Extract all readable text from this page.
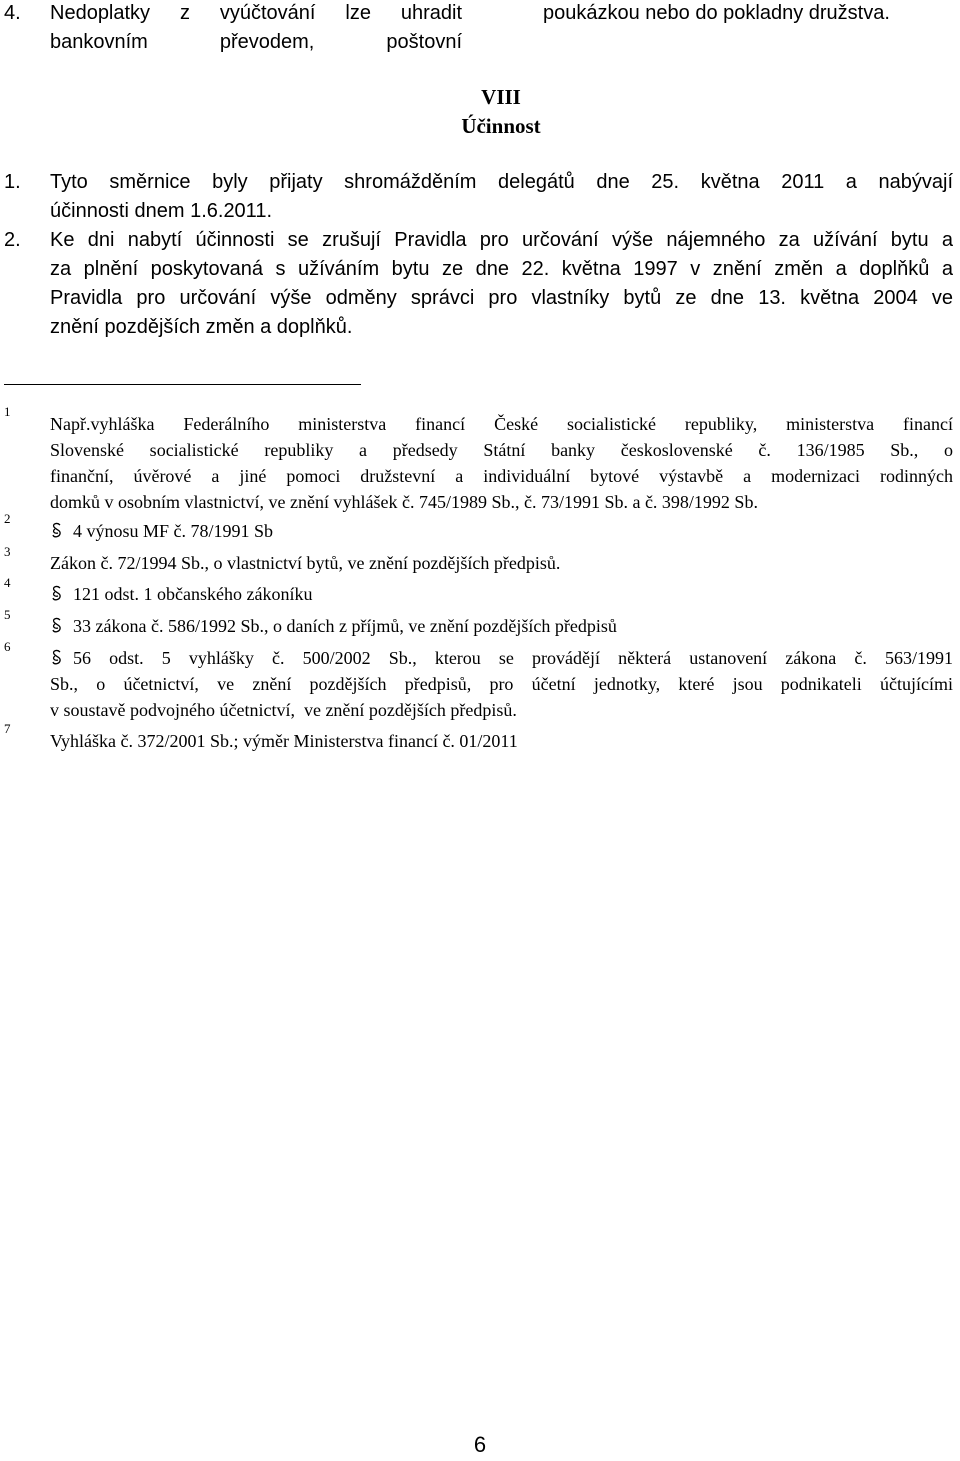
4. Nedoplatky z vyúčtování lze uhradit
bankovním převodem, poštovní
poukázkou nebo do pokladny družstva.
VIII
Účinnost
1. Tyto směrnice byly přijaty shromážděním delegátů dne 25. května 2011 a nabývají
účinnosti dnem 1.6.2011.
2. Ke dni nabytí účinnosti se zrušují Pravidla pro určování výše nájemného za užívání bytu a
za plnění poskytovaná s užíváním bytu ze dne 22. května 1997 v znění změn a doplňků a
Pravidla pro určování výše odměny správci pro vlastníky bytů ze dne 13. května 2004 ve
znění pozdějších změn a doplňků.
1
2
3
4
5
6
7
Např.vyhláška Federálního ministerstva financí České socialistické republiky, ministerstva financí
Slovenské socialistické republiky a předsedy Státní banky československé č. 136/1985 Sb., o
finanční, úvěrové a jiné pomoci družstevní a individuální bytové výstavbě a modernizaci rodinných
domků v osobním vlastnictví, ve znění vyhlášek č. 745/1989 Sb., č. 73/1991 Sb. a č. 398/1992 Sb.
4 výnosu MF č. 78/1991 Sb
Zákon č. 72/1994 Sb., o vlastnictví bytů, ve znění pozdějších předpisů.
121 odst. 1 občanského zákoníku
33 zákona č. 586/1992 Sb., o daních z příjmů, ve znění pozdějších předpisů
56 odst. 5 vyhlášky č. 500/2002 Sb., kterou se provádějí některá ustanovení zákona č. 563/1991
Sb., o účetnictví, ve znění pozdějších předpisů, pro účetní jednotky, které jsou podnikateli účtujícími
v soustavě podvojného účetnictví,  ve znění pozdějších předpisů.
Vyhláška č. 372/2001 Sb.; výměr Ministerstva financí č. 01/2011
6
